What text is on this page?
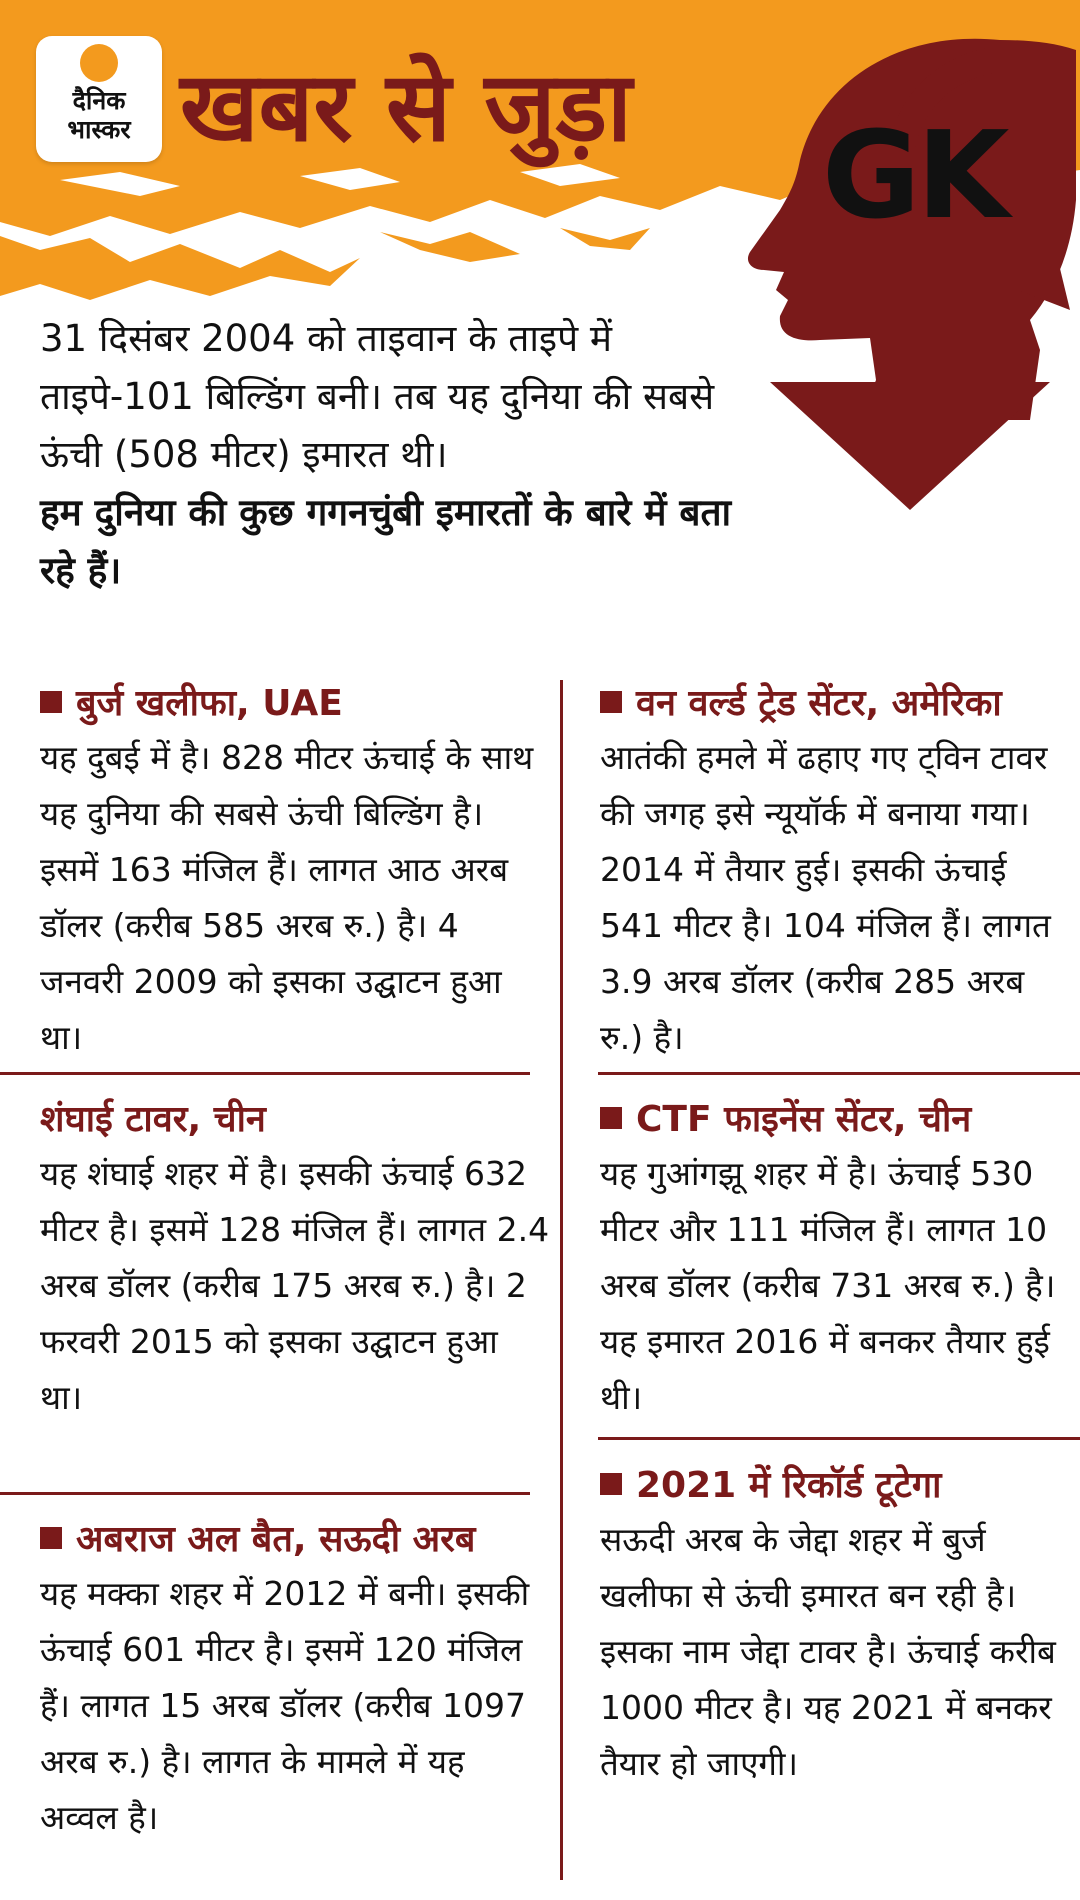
दैनिक
भास्कर खबर से जुड़ा GK
31 दिसंबर 2004 को ताइवान के ताइपे में ताइपे-101 बिल्डिंग बनी। तब यह दुनिया की सबसे ऊंची (508 मीटर) इमारत थी।
हम दुनिया की कुछ गगनचुंबी इमारतों के बारे में बता रहे हैं।
बुर्ज खलीफा, UAE
यह दुबई में है। 828 मीटर ऊंचाई के साथ यह दुनिया की सबसे ऊंची बिल्डिंग है। इसमें 163 मंजिल हैं। लागत आठ अरब डॉलर (करीब 585 अरब रु.) है। 4 जनवरी 2009 को इसका उद्घाटन हुआ था।
शंघाई टावर, चीन
यह शंघाई शहर में है। इसकी ऊंचाई 632 मीटर है। इसमें 128 मंजिल हैं। लागत 2.4 अरब डॉलर (करीब 175 अरब रु.) है। 2 फरवरी 2015 को इसका उद्घाटन हुआ था।
अबराज अल बैत, सऊदी अरब
यह मक्का शहर में 2012 में बनी। इसकी ऊंचाई 601 मीटर है। इसमें 120 मंजिल हैं। लागत 15 अरब डॉलर (करीब 1097 अरब रु.) है। लागत के मामले में यह अव्वल है।
वन वर्ल्ड ट्रेड सेंटर, अमेरिका
आतंकी हमले में ढहाए गए ट्विन टावर की जगह इसे न्यूयॉर्क में बनाया गया। 2014 में तैयार हुई। इसकी ऊंचाई 541 मीटर है। 104 मंजिल हैं। लागत 3.9 अरब डॉलर (करीब 285 अरब रु.) है।
CTF फाइनेंस सेंटर, चीन
यह गुआंगझू शहर में है। ऊंचाई 530 मीटर और 111 मंजिल हैं। लागत 10 अरब डॉलर (करीब 731 अरब रु.) है। यह इमारत 2016 में बनकर तैयार हुई थी।
2021 में रिकॉर्ड टूटेगा
सऊदी अरब के जेद्दा शहर में बुर्ज खलीफा से ऊंची इमारत बन रही है। इसका नाम जेद्दा टावर है। ऊंचाई करीब 1000 मीटर है। यह 2021 में बनकर तैयार हो जाएगी।
